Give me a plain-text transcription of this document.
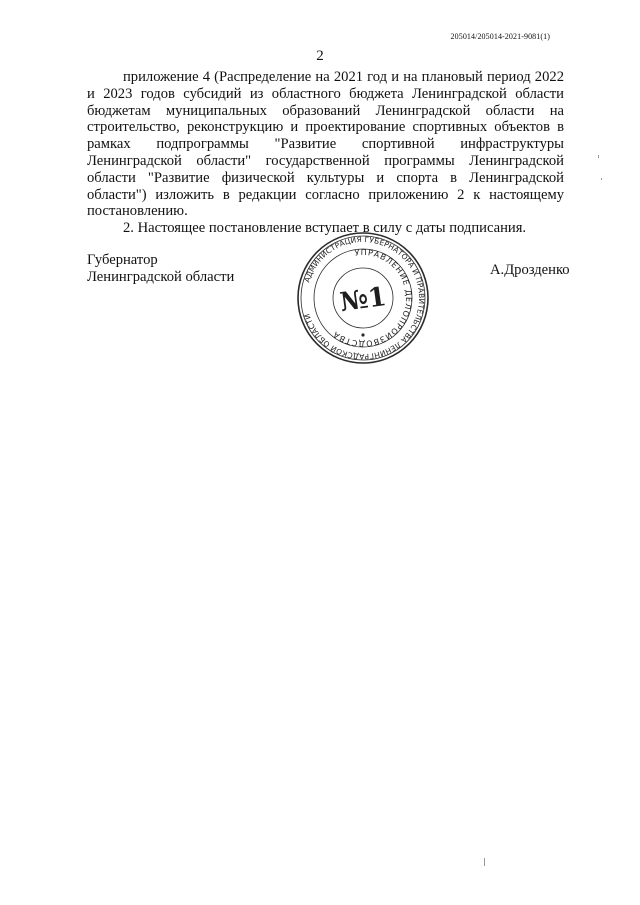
205014/205014-2021-9081(1)
2

приложение 4 (Распределение на 2021 год и на плановый период 2022 и 2023 годов субсидий из областного бюджета Ленинградской области бюджетам муниципальных образований Ленинградской области на строительство, реконструкцию и проектирование спортивных объектов в рамках подпрограммы "Развитие спортивной инфраструктуры Ленинградской области" государственной программы Ленинградской области "Развитие физической культуры и спорта в Ленинградской области") изложить в редакции согласно приложению 2 к настоящему постановлению.

2. Настоящее постановление вступает в силу с даты подписания.

Губернатор
Ленинградской области	АДМИНИСТРАЦИЯ ГУБЕРНАТОРА И ПРАВИТЕЛЬСТВА ЛЕНИНГРАДСКОЙ ОБЛАСТИ
УПРАВЛЕНИЕ ДЕЛОПРОИЗВОДСТВА
№1
А.Дрозденко
